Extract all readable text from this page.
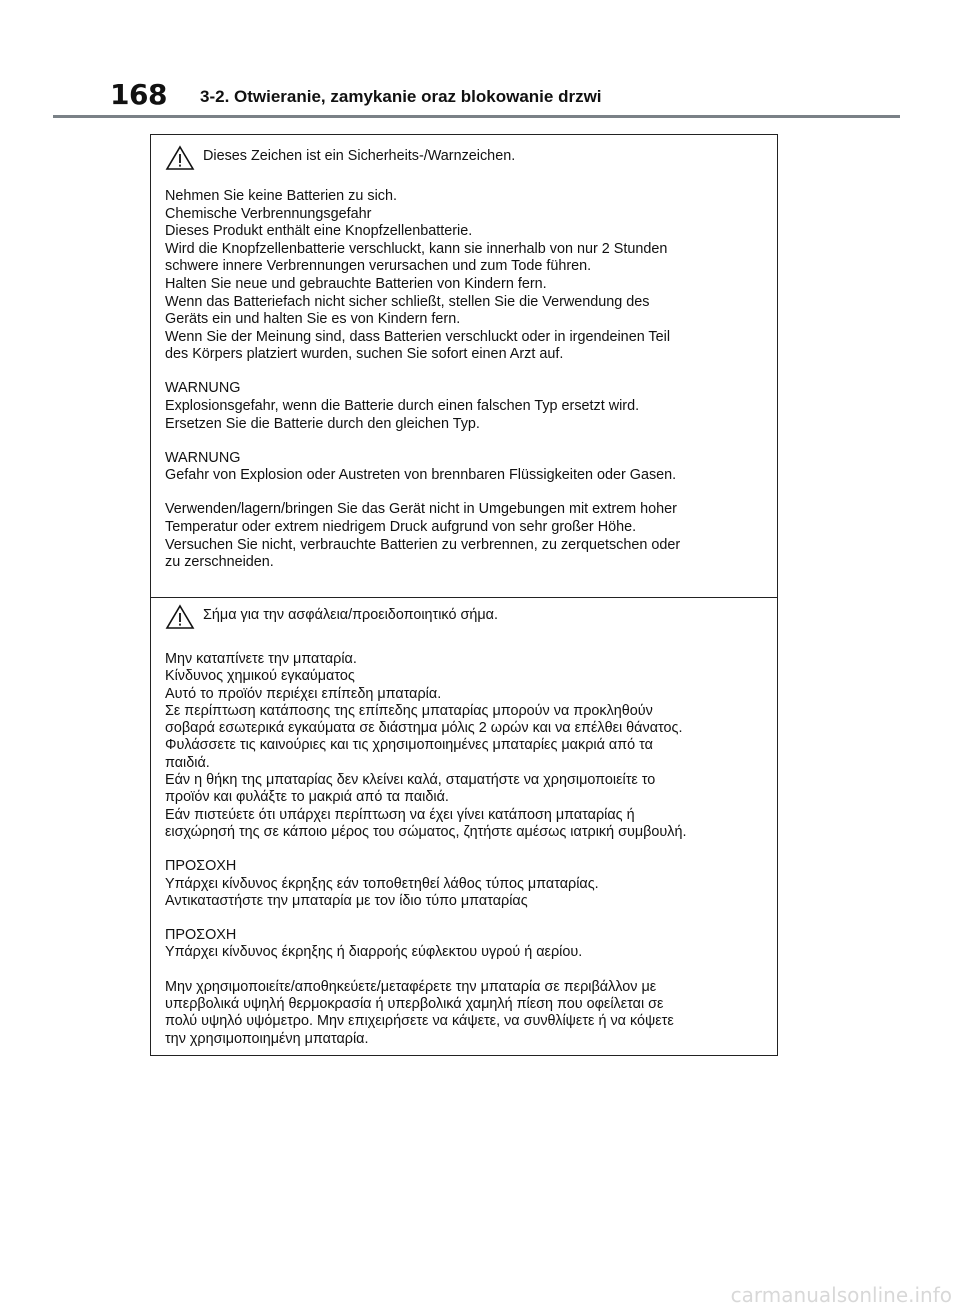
168 3-2. Otwieranie, zamykanie oraz blokowanie drzwi
Dieses Zeichen ist ein Sicherheits-/Warnzeichen.
Nehmen Sie keine Batterien zu sich.
Chemische Verbrennungsgefahr
Dieses Produkt enthält eine Knopfzellenbatterie.
Wird die Knopfzellenbatterie verschluckt, kann sie innerhalb von nur 2 Stunden
schwere innere Verbrennungen verursachen und zum Tode führen.
Halten Sie neue und gebrauchte Batterien von Kindern fern.
Wenn das Batteriefach nicht sicher schließt, stellen Sie die Verwendung des
Geräts ein und halten Sie es von Kindern fern.
Wenn Sie der Meinung sind, dass Batterien verschluckt oder in irgendeinen Teil
des Körpers platziert wurden, suchen Sie sofort einen Arzt auf.
WARNUNG
Explosionsgefahr, wenn die Batterie durch einen falschen Typ ersetzt wird.
Ersetzen Sie die Batterie durch den gleichen Typ.
WARNUNG
Gefahr von Explosion oder Austreten von brennbaren Flüssigkeiten oder Gasen.
Verwenden/lagern/bringen Sie das Gerät nicht in Umgebungen mit extrem hoher
Temperatur oder extrem niedrigem Druck aufgrund von sehr großer Höhe.
Versuchen Sie nicht, verbrauchte Batterien zu verbrennen, zu zerquetschen oder
zu zerschneiden.
Σήμα για την ασφάλεια/προειδοποιητικό σήμα.
Μην καταπίνετε την μπαταρία.
Κίνδυνος χημικού εγκαύματος
Αυτό το προϊόν περιέχει επίπεδη μπαταρία.
Σε περίπτωση κατάποσης της επίπεδης μπαταρίας μπορούν να προκληθούν
σοβαρά εσωτερικά εγκαύματα σε διάστημα μόλις 2 ωρών και να επέλθει θάνατος.
Φυλάσσετε τις καινούριες και τις χρησιμοποιημένες μπαταρίες μακριά από τα
παιδιά.
Εάν η θήκη της μπαταρίας δεν κλείνει καλά, σταματήστε να χρησιμοποιείτε το
προϊόν και φυλάξτε το μακριά από τα παιδιά.
Εάν πιστεύετε ότι υπάρχει περίπτωση να έχει γίνει κατάποση μπαταρίας ή
εισχώρησή της σε κάποιο μέρος του σώματος, ζητήστε αμέσως ιατρική συμβουλή.
ΠΡΟΣΟΧΗ
Υπάρχει κίνδυνος έκρηξης εάν τοποθετηθεί λάθος τύπος μπαταρίας.
Αντικαταστήστε την μπαταρία με τον ίδιο τύπο μπαταρίας
ΠΡΟΣΟΧΗ
Υπάρχει κίνδυνος έκρηξης ή διαρροής εύφλεκτου υγρού ή αερίου.
Μην χρησιμοποιείτε/αποθηκεύετε/μεταφέρετε την μπαταρία σε περιβάλλον με
υπερβολικά υψηλή θερμοκρασία ή υπερβολικά χαμηλή πίεση που οφείλεται σε
πολύ υψηλό υψόμετρο. Μην επιχειρήσετε να κάψετε, να συνθλίψετε ή να κόψετε
την χρησιμοποιημένη μπαταρία.
carmanualsonline.info
